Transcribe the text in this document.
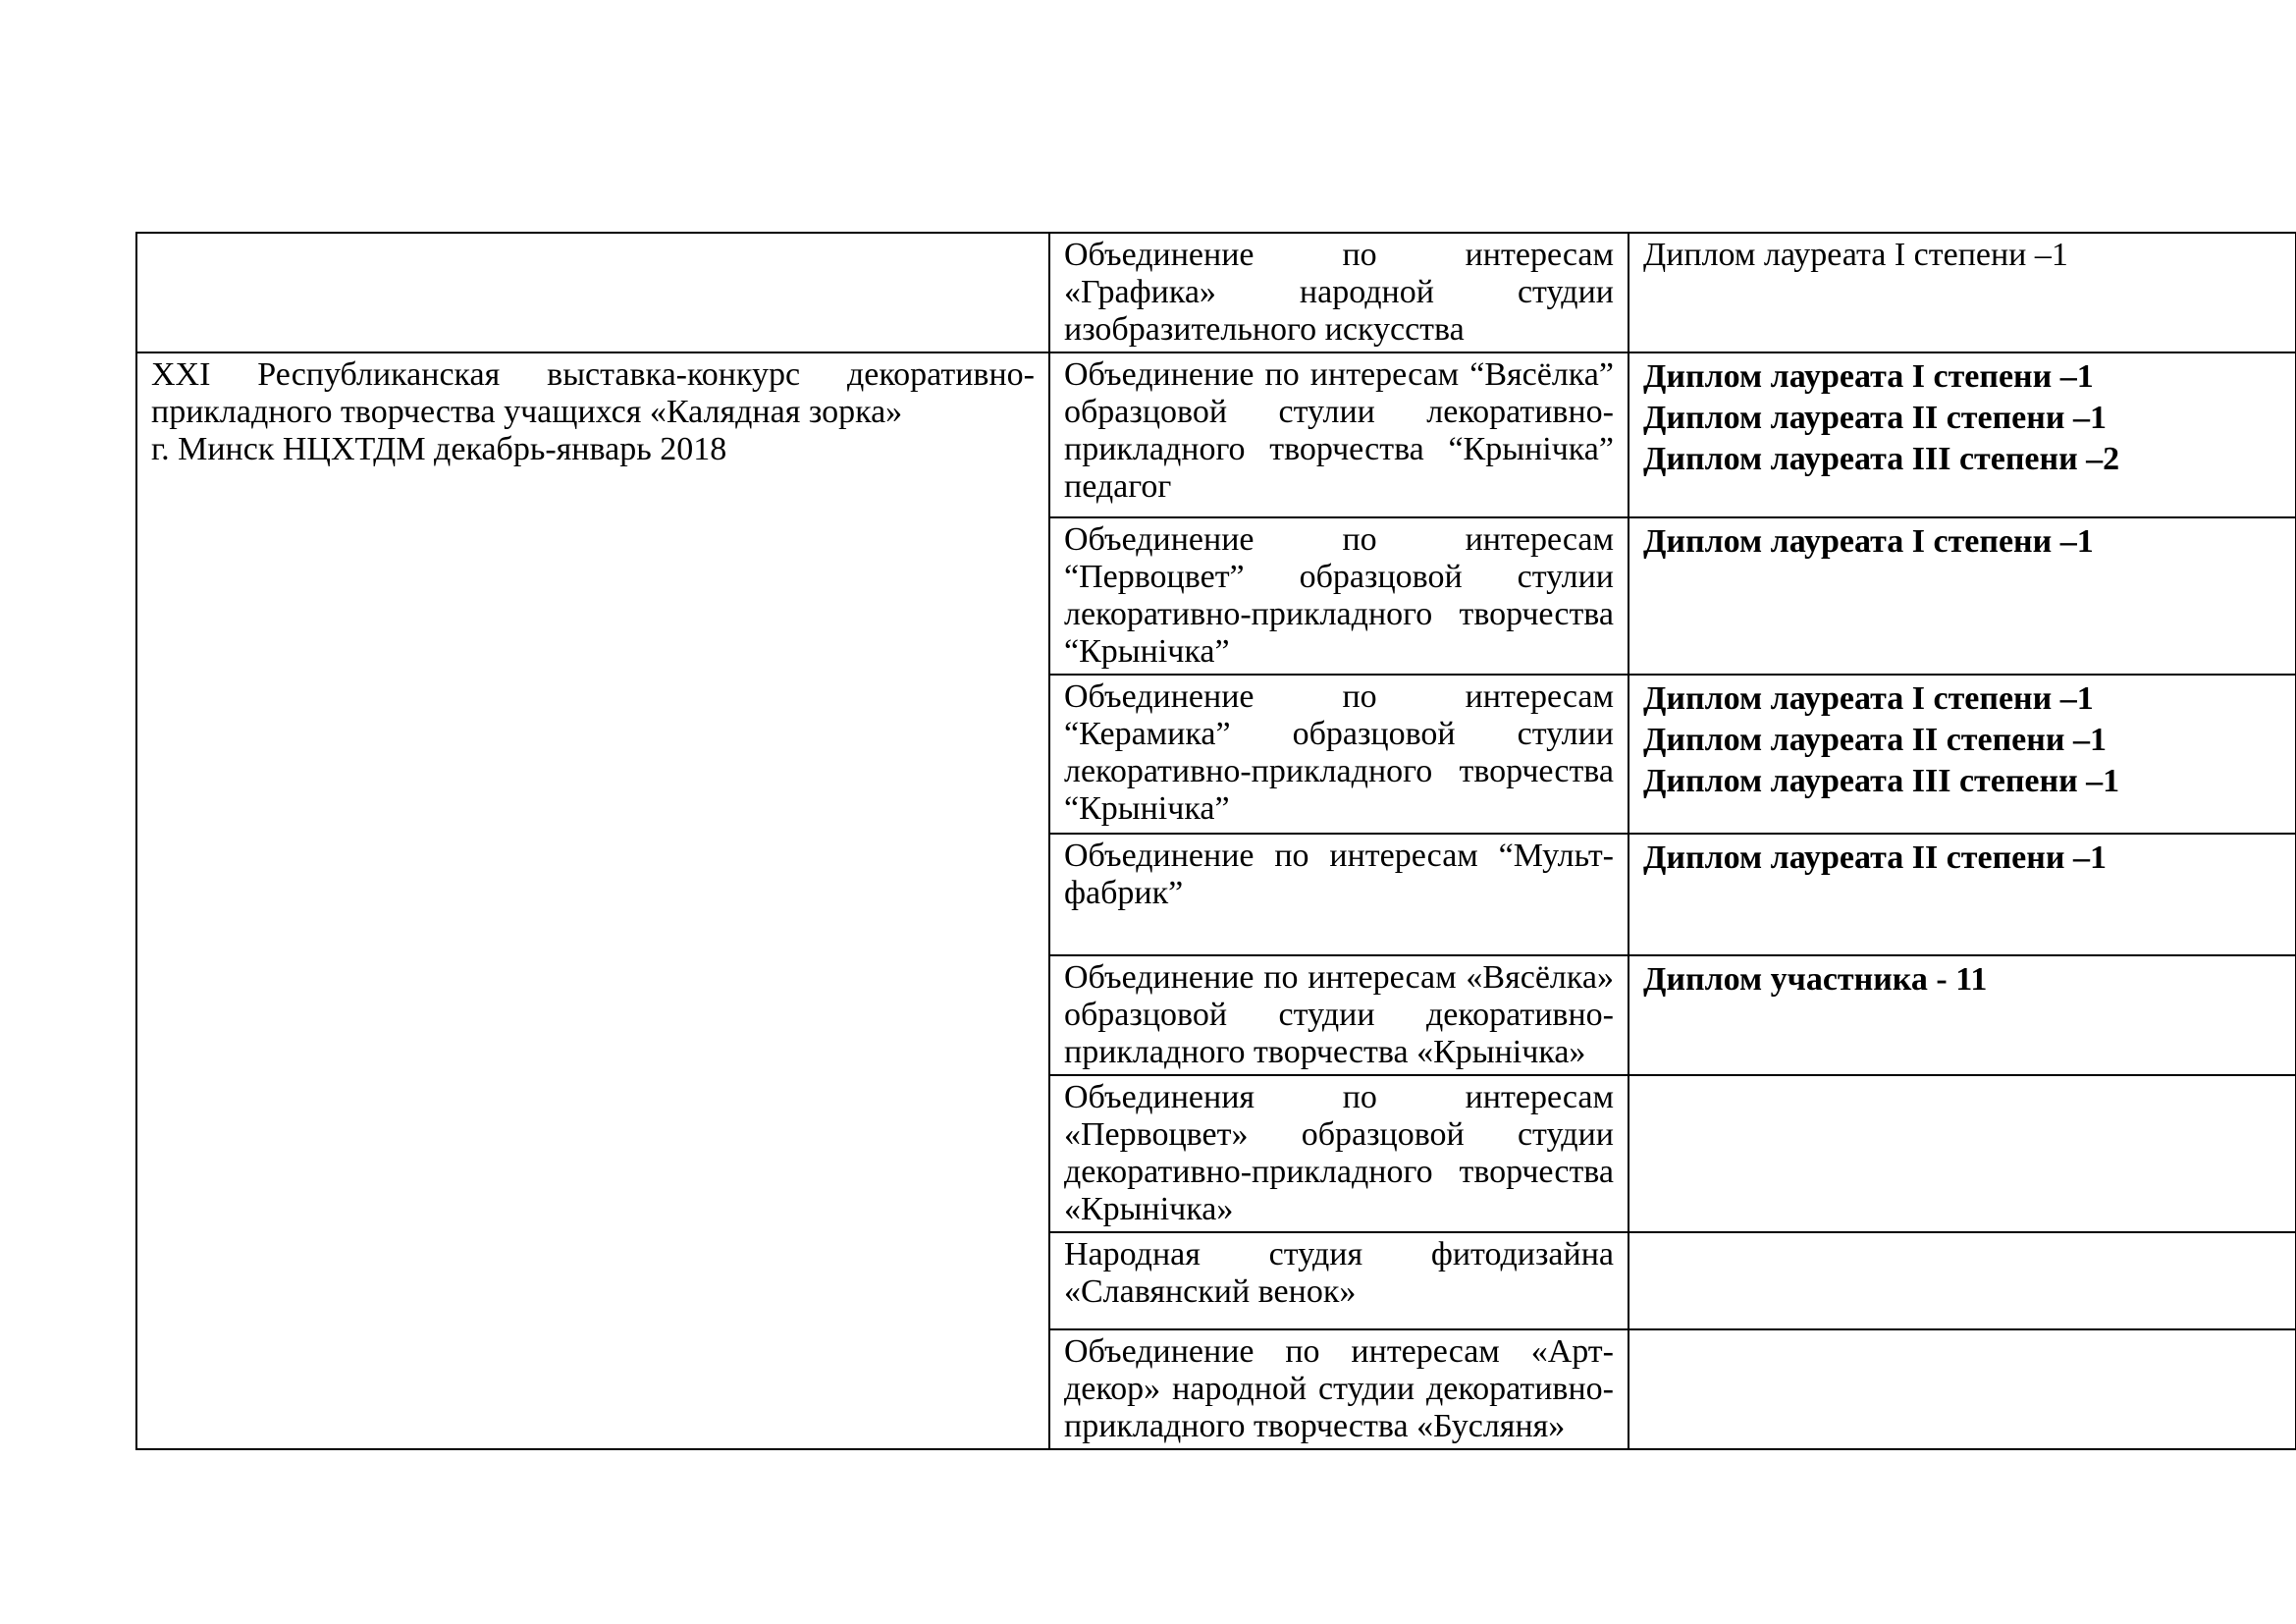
	Объединение по интересам «Графика» народной студии изобразительного искусства	Диплом лауреата I степени –1

XXI Республиканская выставка-конкурс декоративно-
прикладного творчества учащихся «Калядная зорка»
г. Минск НЦХТДМ декабрь-январь 2018	Объединение по интересам “Вясёлка” образцовой стулии лекоративно-прикладного творчества “Крынічка” педагог	Диплом лауреата I степени –1
Диплом лауреата II степени –1
Диплом лауреата III степени –2

	Объединение по интересам “Первоцвет” образцовой стулии лекоративно-прикладного творчества “Крынічка”	Диплом лауреата I степени –1

	Объединение по интересам “Керамика” образцовой стулии лекоративно-прикладного творчества “Крынічка”	Диплом лауреата I степени –1
Диплом лауреата II степени –1
Диплом лауреата III степени –1

	Объединение по интересам “Мульт-фабрик”	Диплом лауреата II степени –1

	Объединение по интересам «Вясёлка» образцовой студии декоративно-прикладного творчества «Крынічка»	Диплом участника - 11

	Объединения по интересам «Первоцвет» образцовой студии декоративно-прикладного творчества «Крынічка»	
	Народная студия фитодизайна «Славянский венок»	
	Объединение по интересам «Арт-декор» народной студии декоративно-прикладного творчества «Бусляня»	
